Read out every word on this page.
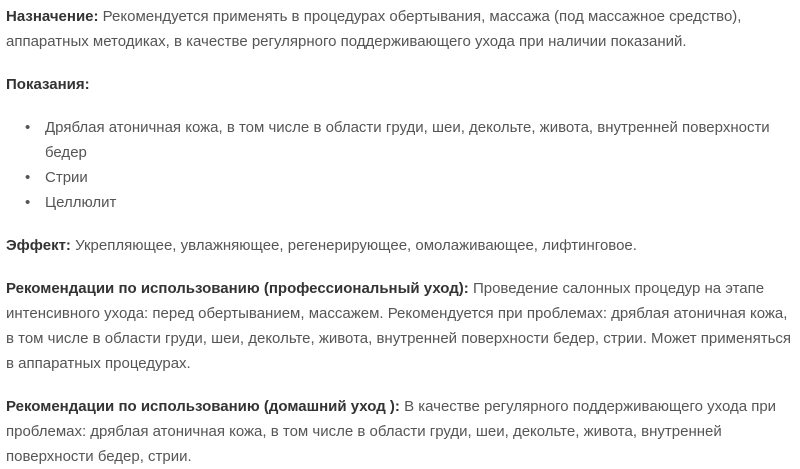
Назначение: Рекомендуется применять в процедурах обертывания, массажа (под массажное средство), аппаратных методиках, в качестве регулярного поддерживающего ухода при наличии показаний.

Показания:

• Дряблая атоничная кожа, в том числе в области груди, шеи, декольте, живота, внутренней поверхности бедер
• Стрии
• Целлюлит

Эффект: Укрепляющее, увлажняющее, регенерирующее, омолаживающее, лифтинговое.

Рекомендации по использованию (профессиональный уход): Проведение салонных процедур на этапе интенсивного ухода: перед обертыванием, массажем. Рекомендуется при проблемах: дряблая атоничная кожа, в том числе в области груди, шеи, декольте, живота, внутренней поверхности бедер, стрии. Может применяться в аппаратных процедурах.

Рекомендации по использованию (домашний уход ): В качестве регулярного поддерживающего ухода при проблемах: дряблая атоничная кожа, в том числе в области груди, шеи, декольте, живота, внутренней поверхности бедер, стрии.
